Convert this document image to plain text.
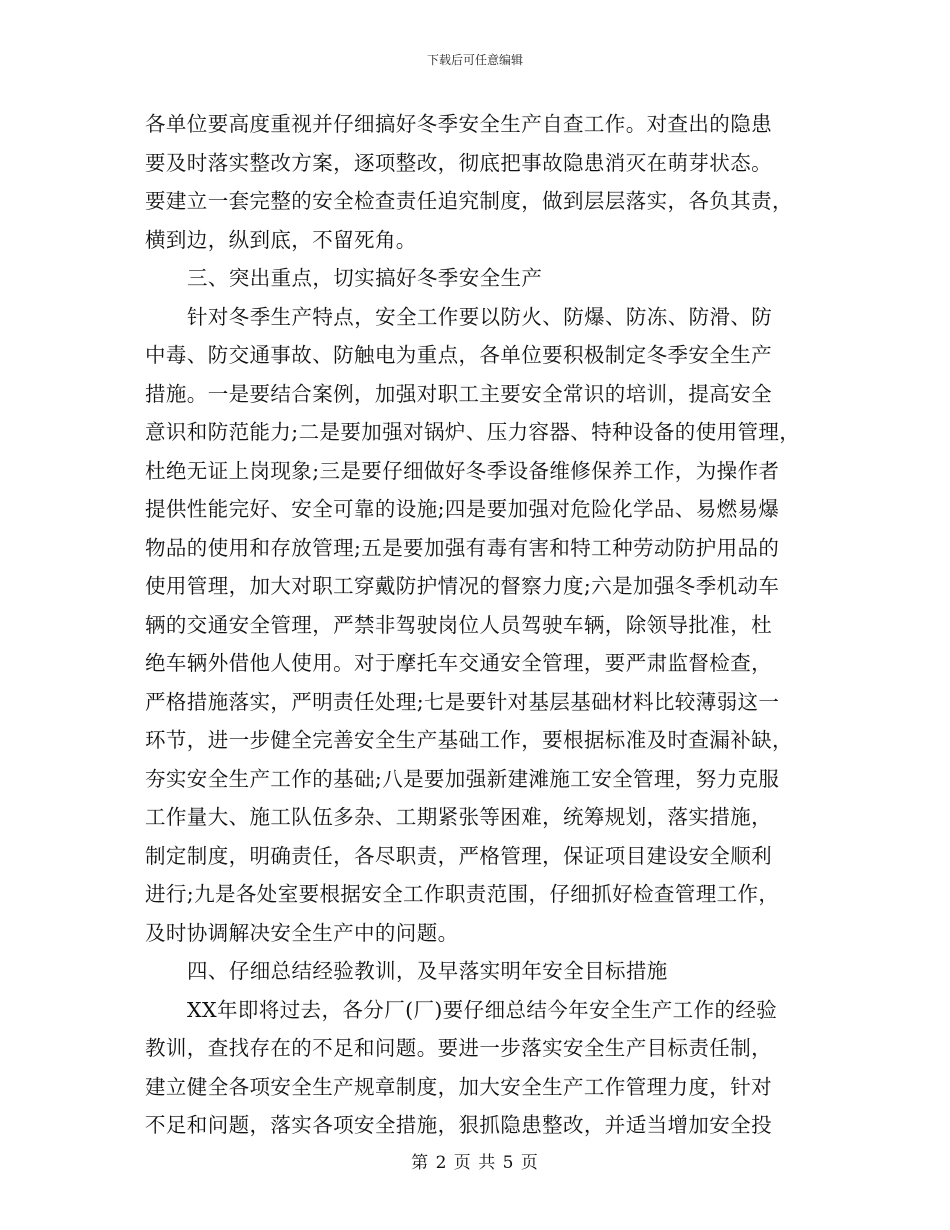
下载后可任意编辑
各单位要高度重视并仔细搞好冬季安全生产自查工作。对查出的隐患
要及时落实整改方案，逐项整改，彻底把事故隐患消灭在萌芽状态。
要建立一套完整的安全检查责任追究制度，做到层层落实，各负其责，
横到边，纵到底，不留死角。
三、突出重点，切实搞好冬季安全生产
针对冬季生产特点，安全工作要以防火、防爆、防冻、防滑、防
中毒、防交通事故、防触电为重点，各单位要积极制定冬季安全生产
措施。一是要结合案例，加强对职工主要安全常识的培训，提高安全
意识和防范能力;二是要加强对锅炉、压力容器、特种设备的使用管理，
杜绝无证上岗现象;三是要仔细做好冬季设备维修保养工作，为操作者
提供性能完好、安全可靠的设施;四是要加强对危险化学品、易燃易爆
物品的使用和存放管理;五是要加强有毒有害和特工种劳动防护用品的
使用管理，加大对职工穿戴防护情况的督察力度;六是加强冬季机动车
辆的交通安全管理，严禁非驾驶岗位人员驾驶车辆，除领导批准，杜
绝车辆外借他人使用。对于摩托车交通安全管理，要严肃监督检查，
严格措施落实，严明责任处理;七是要针对基层基础材料比较薄弱这一
环节，进一步健全完善安全生产基础工作，要根据标准及时查漏补缺，
夯实安全生产工作的基础;八是要加强新建滩施工安全管理，努力克服
工作量大、施工队伍多杂、工期紧张等困难，统筹规划，落实措施，
制定制度，明确责任，各尽职责，严格管理，保证项目建设安全顺利
进行;九是各处室要根据安全工作职责范围，仔细抓好检查管理工作，
及时协调解决安全生产中的问题。
四、仔细总结经验教训，及早落实明年安全目标措施
XX年即将过去，各分厂(厂)要仔细总结今年安全生产工作的经验
教训，查找存在的不足和问题。要进一步落实安全生产目标责任制，
建立健全各项安全生产规章制度，加大安全生产工作管理力度，针对
不足和问题，落实各项安全措施，狠抓隐患整改，并适当增加安全投
第 2 页 共 5 页
